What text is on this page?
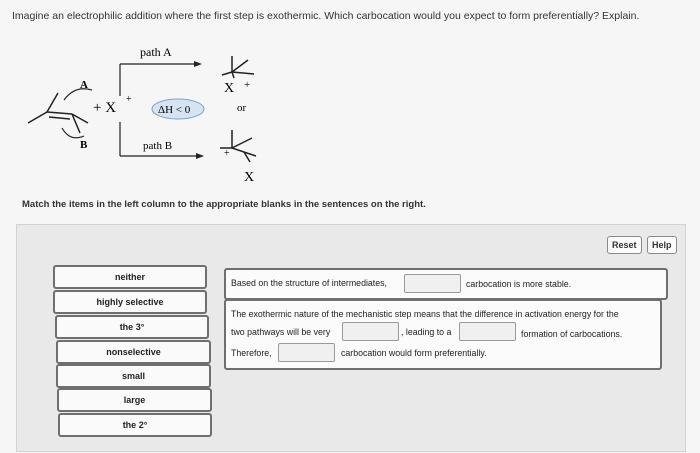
Imagine an electrophilic addition where the first step is exothermic. Which carbocation would you expect to form preferentially? Explain.
A
B
+ X
+
path A
path B
ΔH < 0
X +
or
+
X
Match the items in the left column to the appropriate blanks in the sentences on the right.
Reset	Help
neither
highly selective
the 3°
nonselective
small
large
the 2°
Based on the structure of intermediates,	carbocation is more stable.
The exothermic nature of the mechanistic step means that the difference in activation energy for the
two pathways will be very	, leading to a	formation of carbocations.
Therefore,	carbocation would form preferentially.
